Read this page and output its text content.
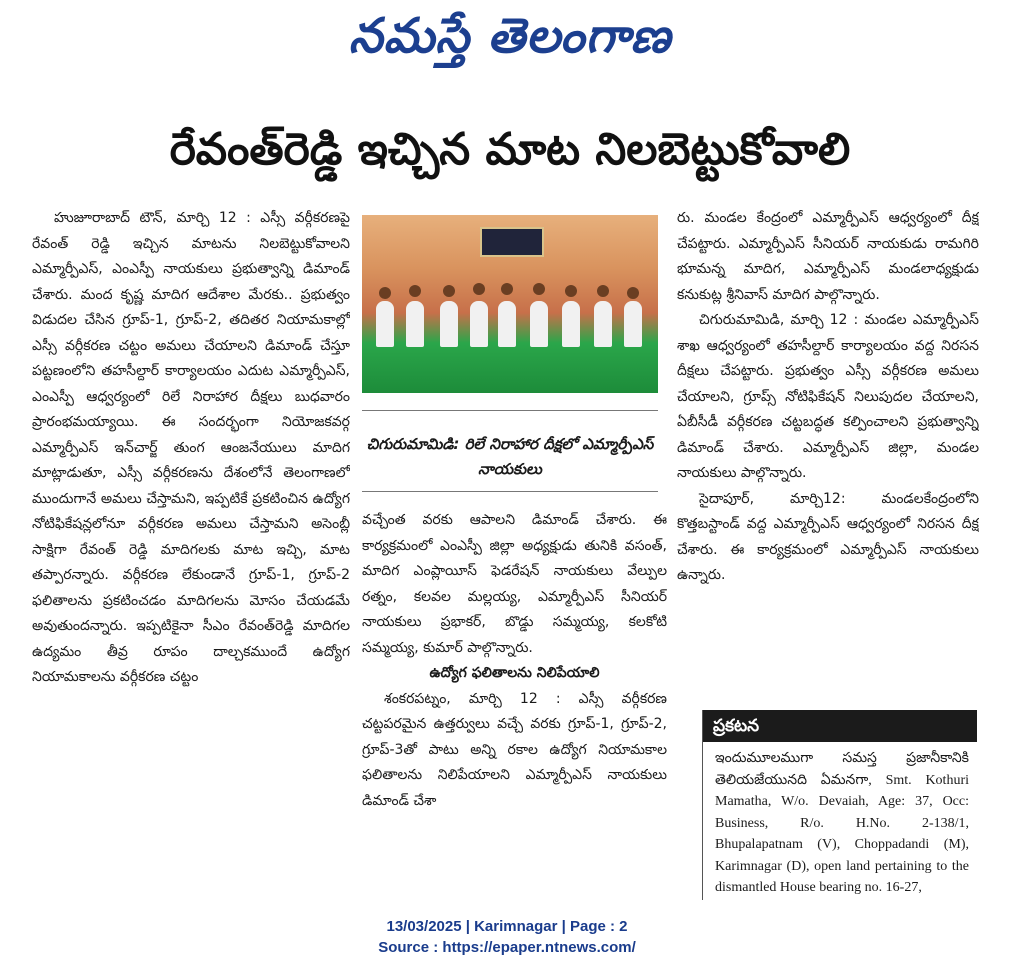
నమస్తే తెలంగాణ
రేవంత్‌రెడ్డి ఇచ్చిన మాట నిలబెట్టుకోవాలి

హుజూరాబాద్ టౌన్, మార్చి 12 : ఎస్సీ వర్గీకరణపై రేవంత్ రెడ్డి ఇచ్చిన మాటను నిలబెట్టుకోవాలని ఎమ్మార్పీఎస్, ఎంఎస్పీ నాయకులు ప్రభుత్వాన్ని డిమాండ్ చేశారు. మంద కృష్ణ మాదిగ ఆదేశాల మేరకు.. ప్రభుత్వం విడుదల చేసిన గ్రూప్-1, గ్రూప్-2, తదితర నియామకాల్లో ఎస్సీ వర్గీకరణ చట్టం అమలు చేయాలని డిమాండ్ చేస్తూ పట్టణంలోని తహసీల్దార్ కార్యాలయం ఎదుట ఎమ్మార్పీఎస్, ఎంఎస్పీ ఆధ్వర్యంలో రిలే నిరాహార దీక్షలు బుధవారం ప్రారంభమయ్యాయి. ఈ సందర్భంగా నియోజకవర్గ ఎమ్మార్పీఎస్ ఇన్‌చార్జ్ తుంగ ఆంజనేయులు మాదిగ మాట్లాడుతూ, ఎస్సీ వర్గీకరణను దేశంలోనే తెలంగాణలో ముందుగానే అమలు చేస్తామని, ఇప్పటికే ప్రకటించిన ఉద్యోగ నోటిఫికేషన్లలోనూ వర్గీకరణ అమలు చేస్తామని అసెంబ్లీ సాక్షిగా రేవంత్ రెడ్డి మాదిగలకు మాట ఇచ్చి, మాట తప్పారన్నారు. వర్గీకరణ లేకుండానే గ్రూప్-1, గ్రూప్-2 ఫలితాలను ప్రకటించడం మాదిగలను మోసం చేయడమే అవుతుందన్నారు. ఇప్పటికైనా సీఎం రేవంత్‌రెడ్డి మాదిగల ఉద్యమం తీవ్ర రూపం దాల్చకముందే ఉద్యోగ నియామకాలను వర్గీకరణ చట్టం

చిగురుమామిడి: రిలే నిరాహార దీక్షలో ఎమ్మార్పీఎస్ నాయకులు

వచ్చేంత వరకు ఆపాలని డిమాండ్ చేశారు. ఈ కార్యక్రమంలో ఎంఎస్పీ జిల్లా అధ్యక్షుడు తునికి వసంత్, మాదిగ ఎంప్లాయీస్ ఫెడరేషన్ నాయకులు వేల్పుల రత్నం, కలవల మల్లయ్య, ఎమ్మార్పీఎస్ సీనియర్ నాయకులు ప్రభాకర్, బొడ్డు సమ్మయ్య, కలకోటి సమ్మయ్య, కుమార్ పాల్గొన్నారు.

ఉద్యోగ ఫలితాలను నిలిపేయాలి

శంకరపట్నం, మార్చి 12 : ఎస్సీ వర్గీకరణ చట్టపరమైన ఉత్తర్వులు వచ్చే వరకు గ్రూప్-1, గ్రూప్-2, గ్రూప్-3తో పాటు అన్ని రకాల ఉద్యోగ నియామకాల ఫలితాలను నిలిపేయాలని ఎమ్మార్పీఎస్ నాయకులు డిమాండ్ చేశా

రు. మండల కేంద్రంలో ఎమ్మార్పీఎస్ ఆధ్వర్యంలో దీక్ష చేపట్టారు. ఎమ్మార్పీఎస్ సీనియర్ నాయకుడు రామగిరి భూమన్న మాదిగ, ఎమ్మార్పీఎస్ మండలాధ్యక్షుడు కనుకుట్ల శ్రీనివాస్ మాదిగ పాల్గొన్నారు.

చిగురుమామిడి, మార్చి 12 : మండల ఎమ్మార్పీఎస్ శాఖ ఆధ్వర్యంలో తహసీల్దార్ కార్యాలయం వద్ద నిరసన దీక్షలు చేపట్టారు. ప్రభుత్వం ఎస్సీ వర్గీకరణ అమలు చేయాలని, గ్రూప్స్ నోటిఫికేషన్ నిలుపుదల చేయాలని, ఏబీసీడీ వర్గీకరణ చట్టబద్ధత కల్పించాలని ప్రభుత్వాన్ని డిమాండ్ చేశారు. ఎమ్మార్పీఎస్ జిల్లా, మండల నాయకులు పాల్గొన్నారు.

సైదాపూర్, మార్చి12: మండలకేంద్రంలోని కొత్తబస్టాండ్ వద్ద ఎమ్మార్పీఎస్ ఆధ్వర్యంలో నిరసన దీక్ష చేశారు. ఈ కార్యక్రమంలో ఎమ్మార్పీఎస్ నాయకులు ఉన్నారు.

ప్రకటన
ఇందుమూలముగా సమస్త ప్రజానీకానికి తెలియజేయునది ఏమనగా, Smt. Kothuri Mamatha, W/o. Devaiah, Age: 37, Occ: Business, R/o. H.No. 2-138/1, Bhupalapatnam (V), Choppadandi (M), Karimnagar (D), open land pertaining to the dismantled House bearing no. 16-27,
13/03/2025 | Karimnagar | Page : 2
Source : https://epaper.ntnews.com/
